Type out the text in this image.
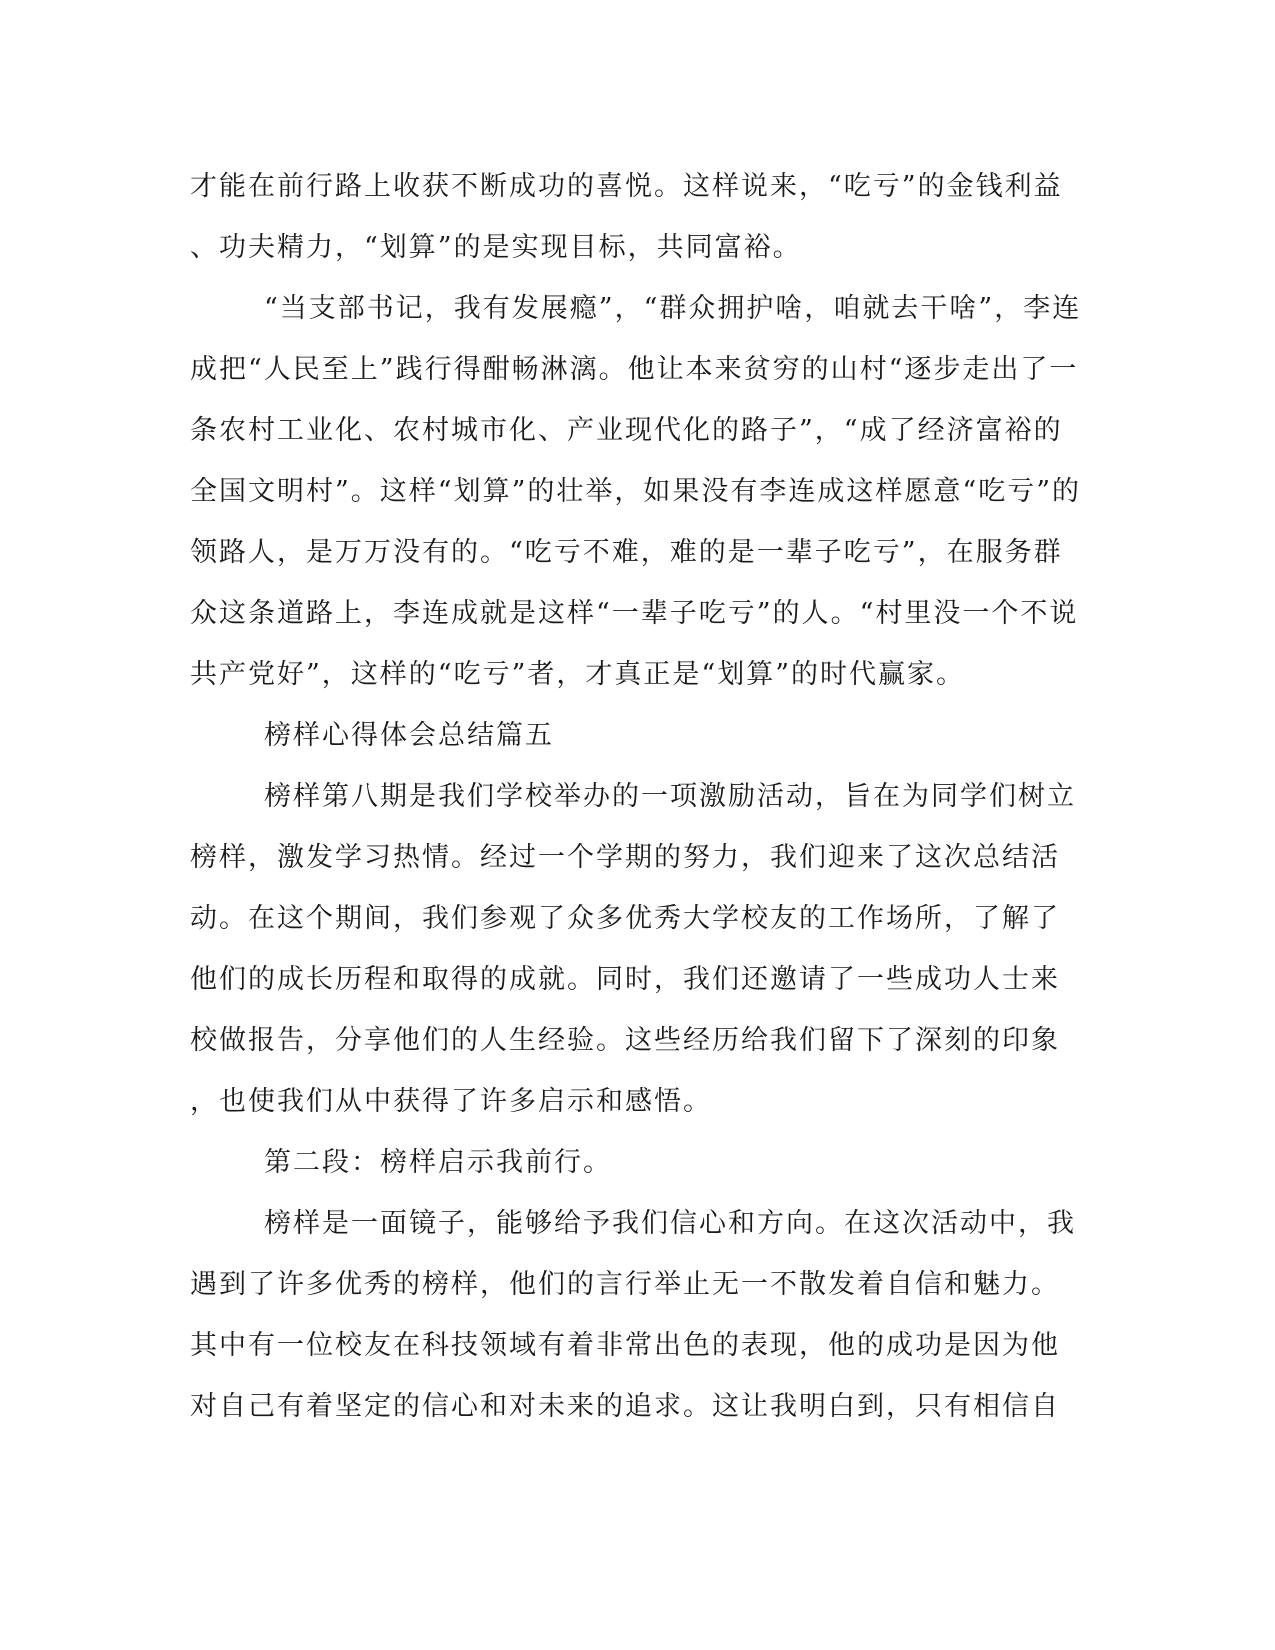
才能在前行路上收获不断成功的喜悦。这样说来，“吃亏”的金钱利益
、功夫精力，“划算”的是实现目标，共同富裕。
“当支部书记，我有发展瘾”，“群众拥护啥，咱就去干啥”，李连
成把“人民至上”践行得酣畅淋漓。他让本来贫穷的山村“逐步走出了一
条农村工业化、农村城市化、产业现代化的路子”，“成了经济富裕的
全国文明村”。这样“划算”的壮举，如果没有李连成这样愿意“吃亏”的
领路人，是万万没有的。“吃亏不难，难的是一辈子吃亏”，在服务群
众这条道路上，李连成就是这样“一辈子吃亏”的人。“村里没一个不说
共产党好”，这样的“吃亏”者，才真正是“划算”的时代赢家。
榜样心得体会总结篇五
榜样第八期是我们学校举办的一项激励活动，旨在为同学们树立
榜样，激发学习热情。经过一个学期的努力，我们迎来了这次总结活
动。在这个期间，我们参观了众多优秀大学校友的工作场所，了解了
他们的成长历程和取得的成就。同时，我们还邀请了一些成功人士来
校做报告，分享他们的人生经验。这些经历给我们留下了深刻的印象
，也使我们从中获得了许多启示和感悟。
第二段：榜样启示我前行。
榜样是一面镜子，能够给予我们信心和方向。在这次活动中，我
遇到了许多优秀的榜样，他们的言行举止无一不散发着自信和魅力。
其中有一位校友在科技领域有着非常出色的表现，他的成功是因为他
对自己有着坚定的信心和对未来的追求。这让我明白到，只有相信自
